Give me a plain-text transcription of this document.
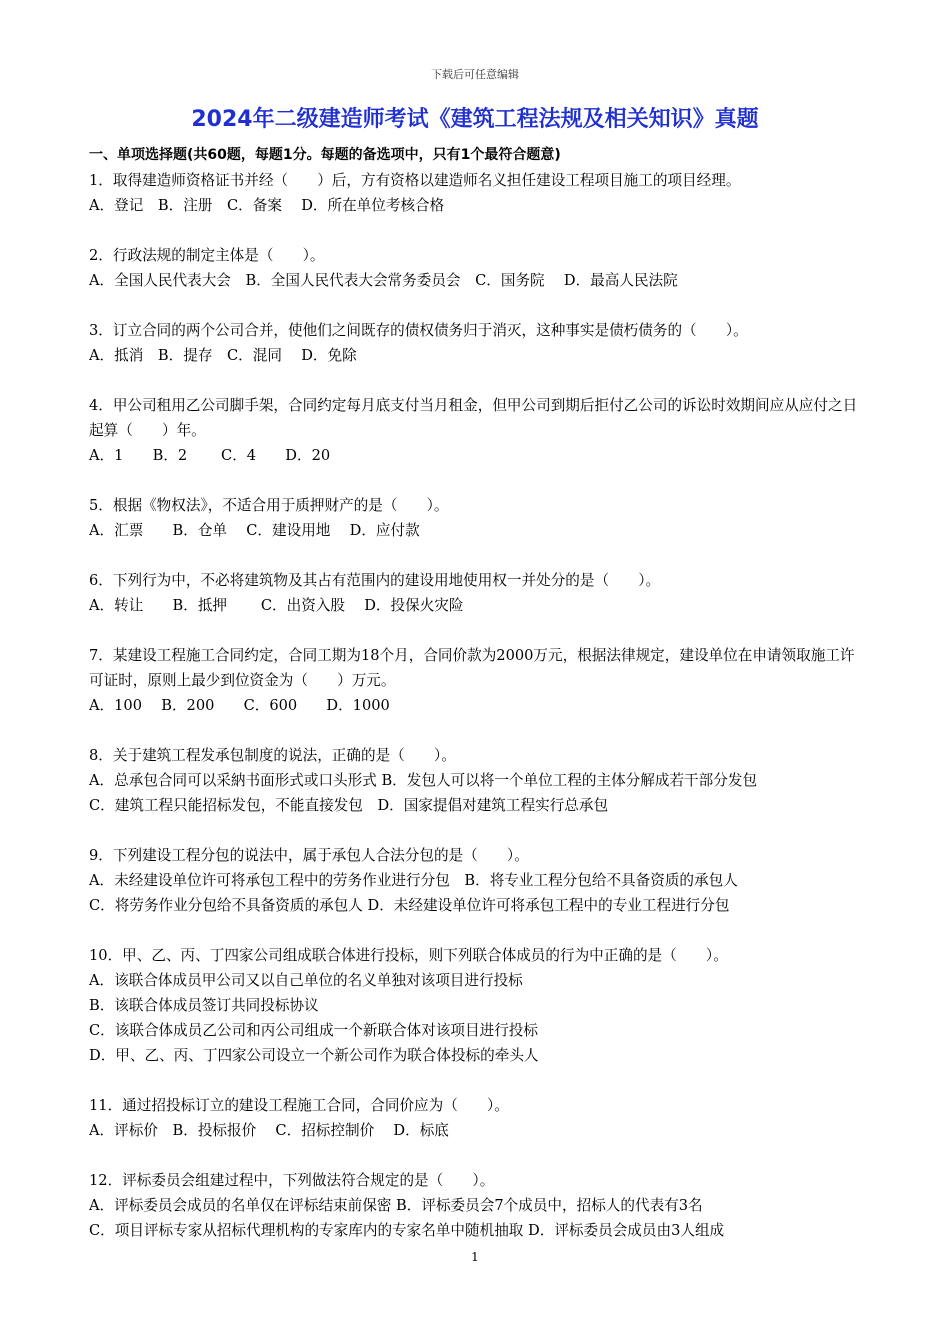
下载后可任意编辑
2024年二级建造师考试《建筑工程法规及相关知识》真题
一、单项选择题(共60题，每题1分。每题的备选项中，只有1个最符合题意)
1．取得建造师资格证书并经（　　）后，方有资格以建造师名义担任建设工程项目施工的项目经理。
A．登记　B．注册　C．备案　 D．所在单位考核合格
2．行政法规的制定主体是（　　）。
A．全国人民代表大会　B．全国人民代表大会常务委员会　C．国务院　 D．最高人民法院
3．订立合同的两个公司合并，使他们之间既存的债权债务归于消灭，这种事实是债朽债务的（　　）。
A．抵消　B．提存　C．混同　 D．免除
4．甲公司租用乙公司脚手架，合同约定每月底支付当月租金，但甲公司到期后拒付乙公司的诉讼时效期间应从应付之日起算（　　）年。
A．1　　B．2　　 C．4　　D．20
5．根据《物权法》，不适合用于质押财产的是（　　）。
A．汇票　　B．仓单　 C．建设用地　 D．应付款
6．下列行为中，不必将建筑物及其占有范围内的建设用地使用权一并处分的是（　　）。
A．转让　　B．抵押　　 C．出资入股　 D．投保火灾险
7．某建设工程施工合同约定，合同工期为18个月，合同价款为2000万元，根据法律规定，建设单位在申请领取施工许可证时，原则上最少到位资金为（　　）万元。
A．100　 B．200　　C．600　　D．1000
8．关于建筑工程发承包制度的说法，正确的是（　　）。
A．总承包合同可以采納书面形式或口头形式 B．发包人可以将一个单位工程的主体分解成若干部分发包
C．建筑工程只能招标发包，不能直接发包　D．国家提倡对建筑工程实行总承包
9．下列建设工程分包的说法中，属于承包人合法分包的是（　　）。
A．未经建设单位许可将承包工程中的劳务作业进行分包　B．将专业工程分包给不具备资质的承包人
C．将劳务作业分包给不具备资质的承包人 D．未经建设单位许可将承包工程中的专业工程进行分包
10．甲、乙、丙、丁四家公司组成联合体进行投标，则下列联合体成员的行为中正确的是（　　）。
A．该联合体成员甲公司又以自己单位的名义单独对该项目进行投标
B．该联合体成员签订共同投标协议
C．该联合体成员乙公司和丙公司组成一个新联合体对该项目进行投标
D．甲、乙、丙、丁四家公司设立一个新公司作为联合体投标的牵头人
11．通过招投标订立的建设工程施工合同，合同价应为（　　）。
A．评标价　B．投标报价　 C．招标控制价　 D．标底
12．评标委员会组建过程中，下列做法符合规定的是（　　）。
A．评标委员会成员的名单仅在评标结束前保密 B．评标委员会7个成员中，招标人的代表有3名
C．项目评标专家从招标代理机构的专家库内的专家名单中随机抽取 D．评标委员会成员由3人组成
1
